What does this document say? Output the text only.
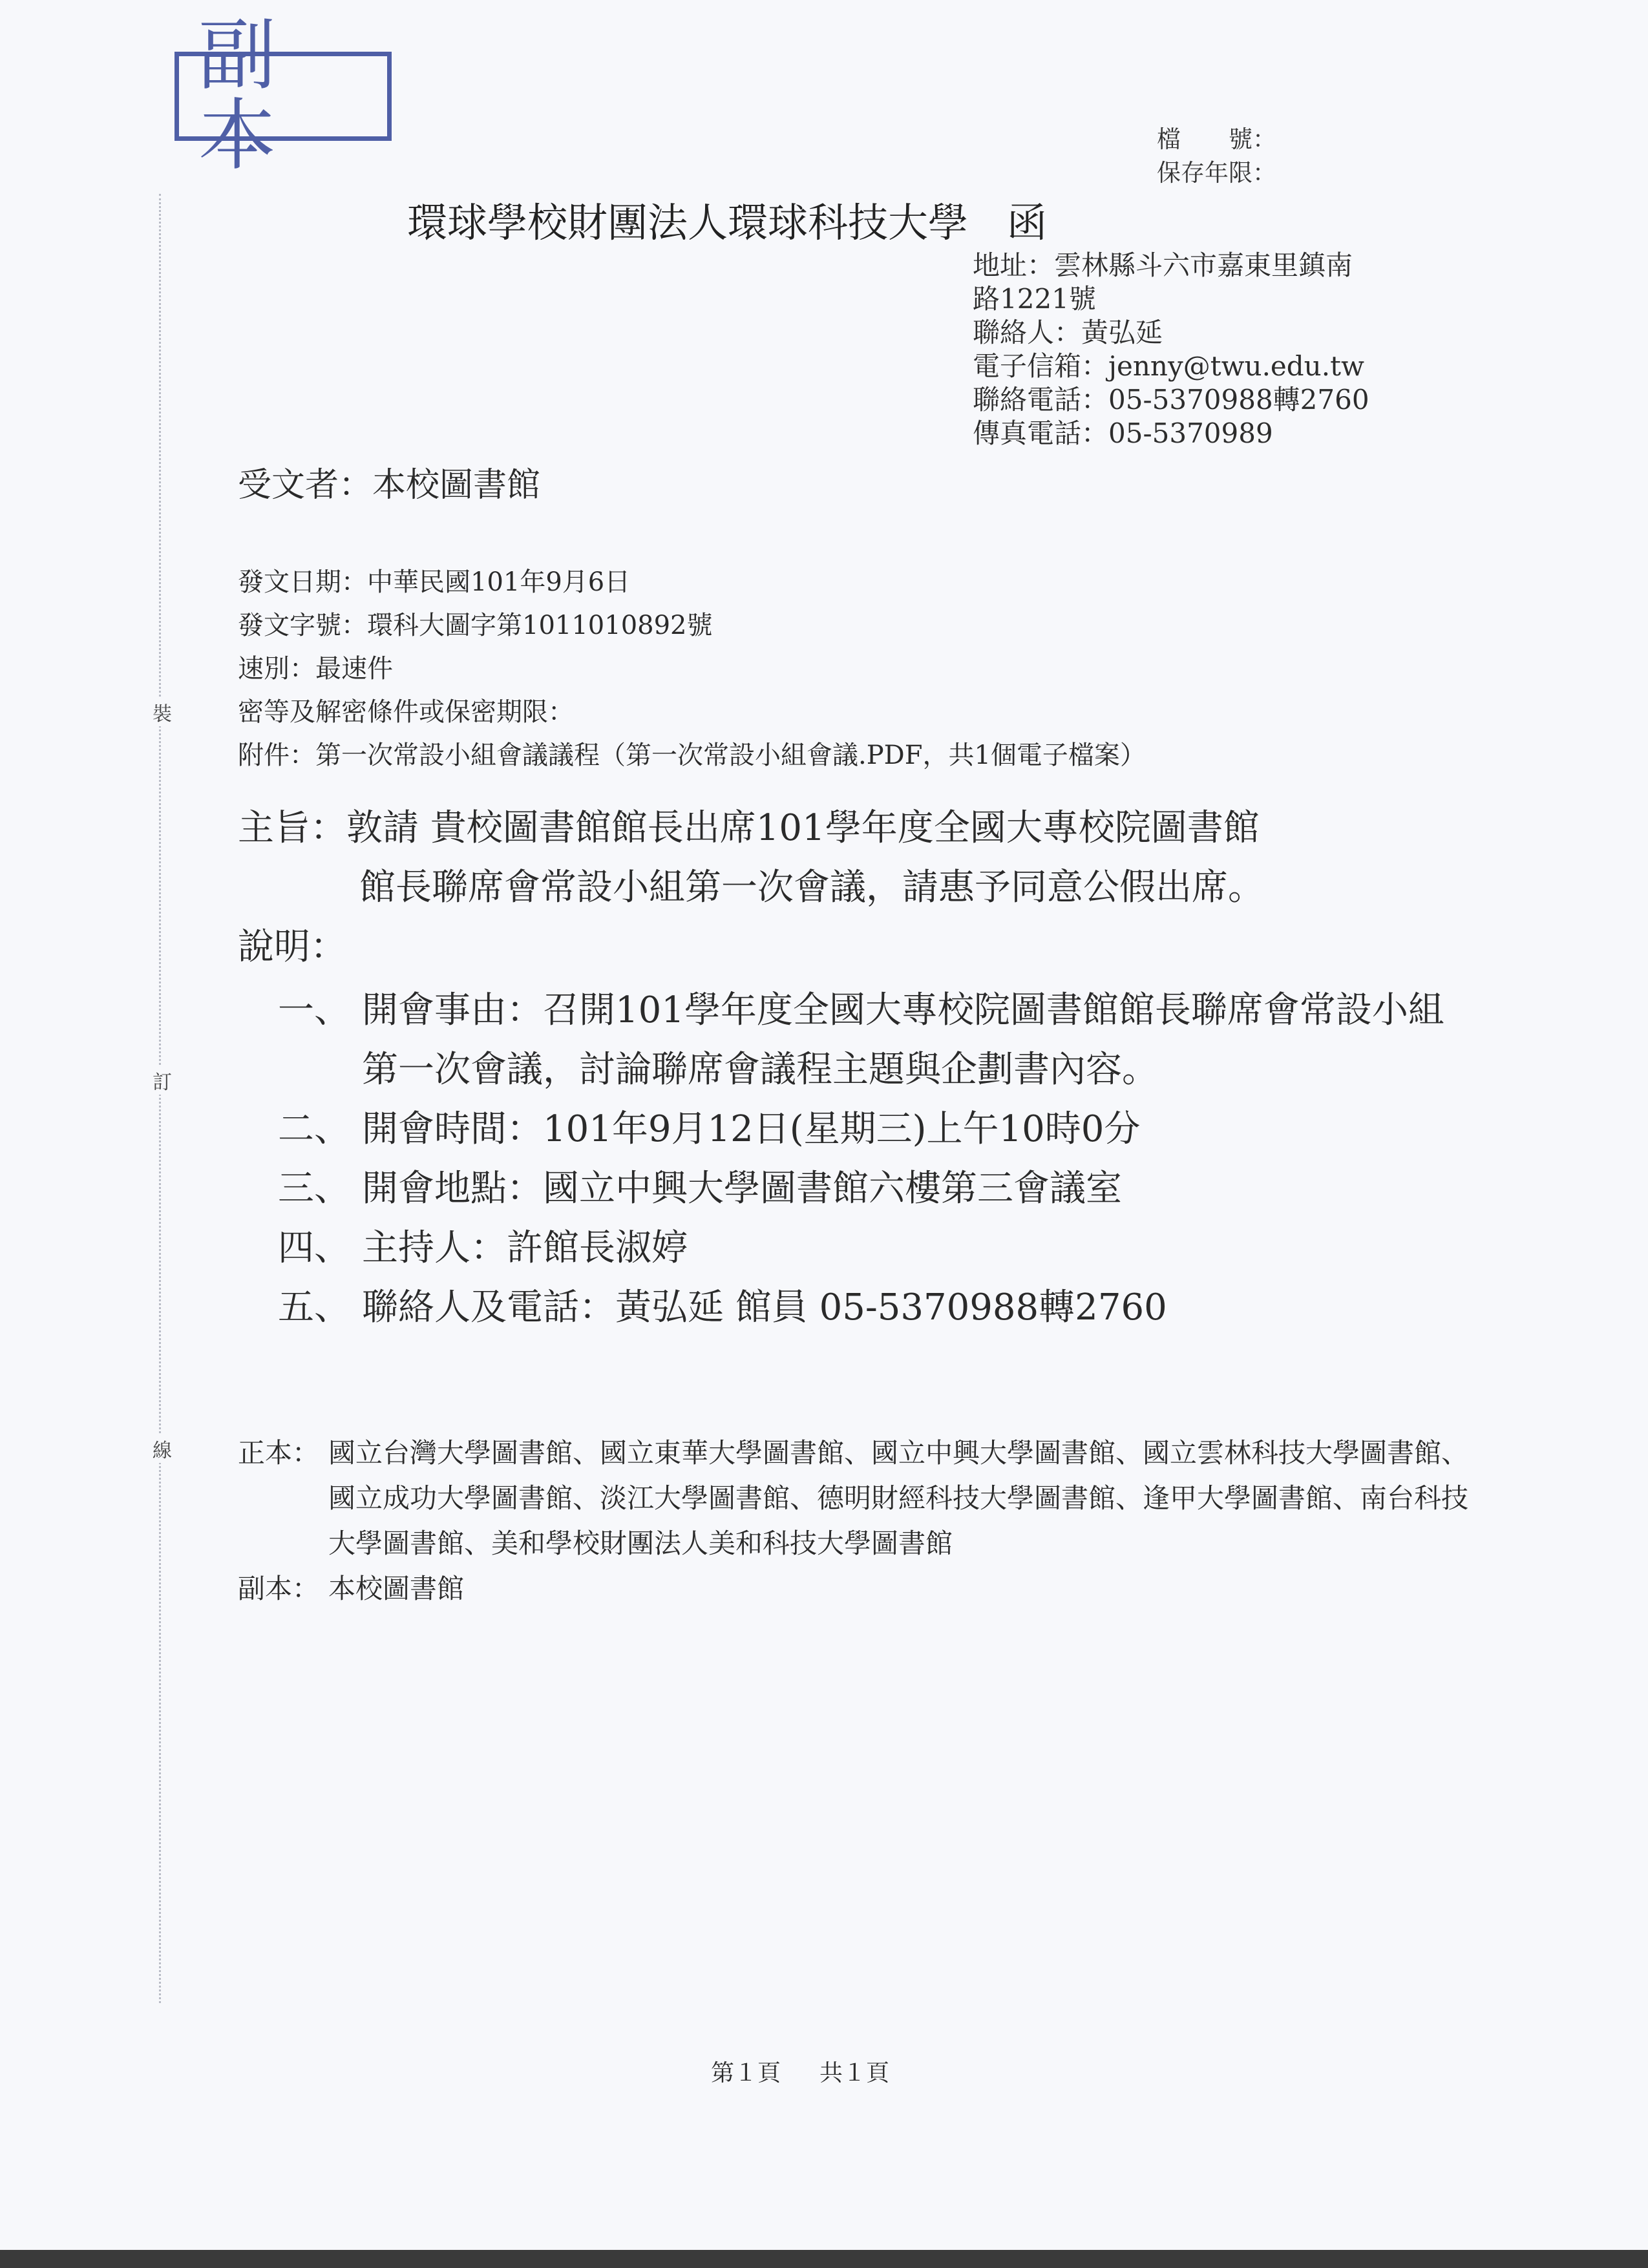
裝
訂
線
副本	檔　　號：
保存年限：
環球學校財團法人環球科技大學 函
地址：雲林縣斗六市嘉東里鎮南
路1221號
聯絡人：黃弘延
電子信箱：jenny@twu.edu.tw
聯絡電話：05-5370988轉2760
傳真電話：05-5370989
受文者：本校圖書館
發文日期：中華民國101年9月6日
發文字號：環科大圖字第1011010892號
速別：最速件
密等及解密條件或保密期限：
附件：第一次常設小組會議議程（第一次常設小組會議.PDF，共1個電子檔案）
主旨：敦請 貴校圖書館館長出席101學年度全國大專校院圖書館
館長聯席會常設小組第一次會議，請惠予同意公假出席。
說明：
一、 開會事由：召開101學年度全國大專校院圖書館館長聯席會常設小組第一次會議，討論聯席會議程主題與企劃書內容。
二、 開會時間：101年9月12日(星期三)上午10時0分
三、 開會地點：國立中興大學圖書館六樓第三會議室
四、 主持人：許館長淑婷
五、 聯絡人及電話：黃弘延 館員 05-5370988轉2760
正本： 國立台灣大學圖書館、國立東華大學圖書館、國立中興大學圖書館、國立雲林科技大學圖書館、國立成功大學圖書館、淡江大學圖書館、德明財經科技大學圖書館、逢甲大學圖書館、南台科技大學圖書館、美和學校財團法人美和科技大學圖書館
副本： 本校圖書館
第１頁 共１頁
